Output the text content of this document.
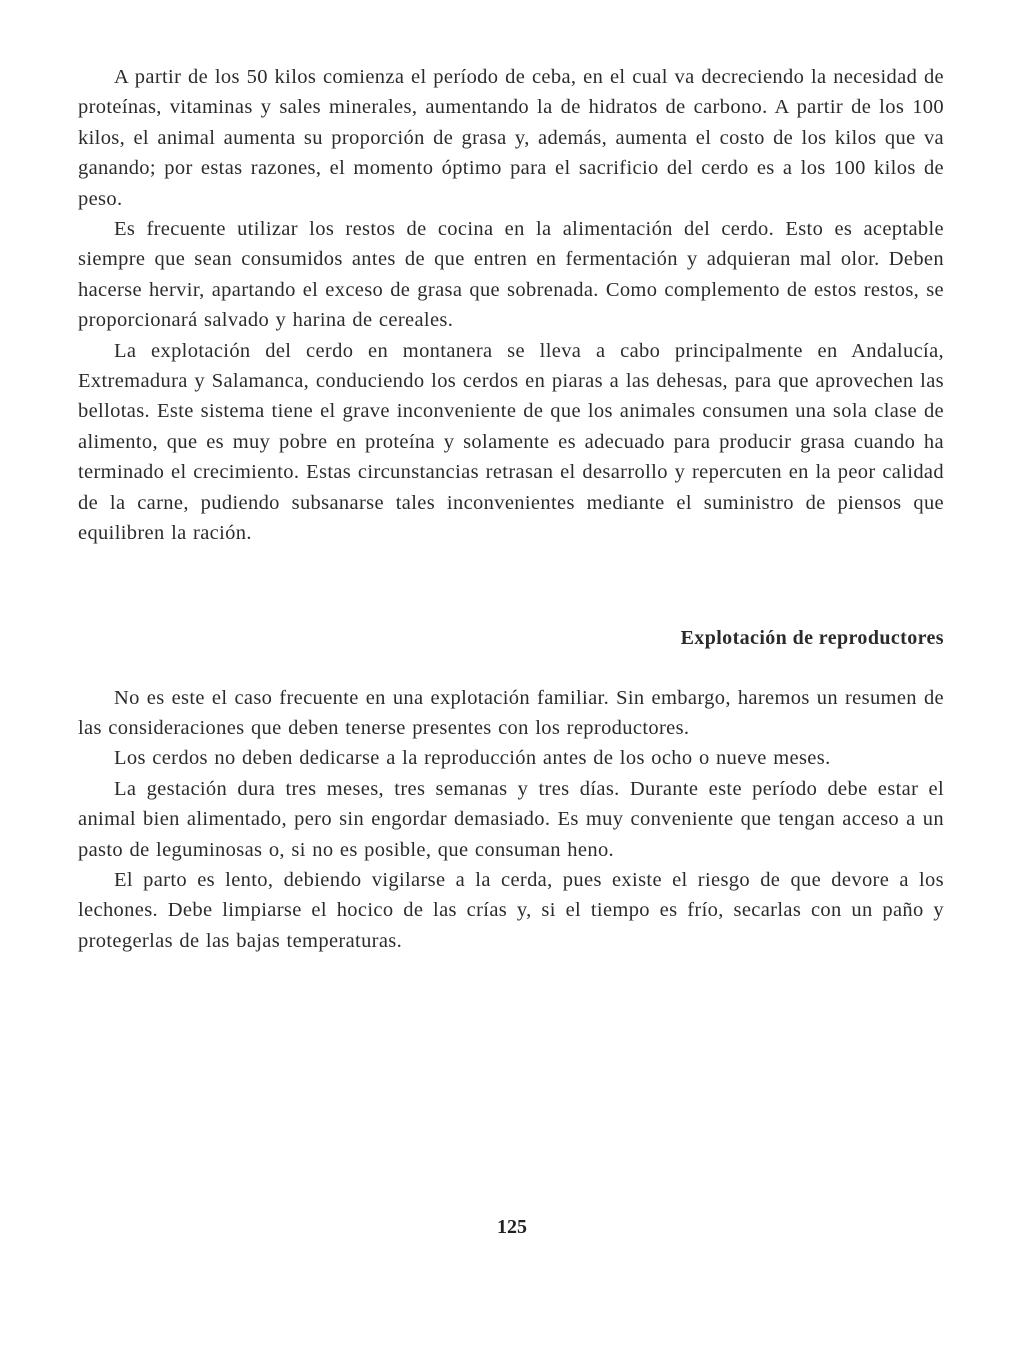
A partir de los 50 kilos comienza el período de ceba, en el cual va decreciendo la necesidad de proteínas, vitaminas y sales minerales, aumentando la de hidratos de carbono. A partir de los 100 kilos, el animal aumenta su proporción de grasa y, además, aumenta el costo de los kilos que va ganando; por estas razones, el momento óptimo para el sacrificio del cerdo es a los 100 kilos de peso.

Es frecuente utilizar los restos de cocina en la alimentación del cerdo. Esto es aceptable siempre que sean consumidos antes de que entren en fermentación y adquieran mal olor. Deben hacerse hervir, apartando el exceso de grasa que sobrenada. Como complemento de estos restos, se proporcionará salvado y harina de cereales.

La explotación del cerdo en montanera se lleva a cabo principalmente en Andalucía, Extremadura y Salamanca, conduciendo los cerdos en piaras a las dehesas, para que aprovechen las bellotas. Este sistema tiene el grave inconveniente de que los animales consumen una sola clase de alimento, que es muy pobre en proteína y solamente es adecuado para producir grasa cuando ha terminado el crecimiento. Estas circunstancias retrasan el desarrollo y repercuten en la peor calidad de la carne, pudiendo subsanarse tales inconvenientes mediante el suministro de piensos que equilibren la ración.

Explotación de reproductores

No es este el caso frecuente en una explotación familiar. Sin embargo, haremos un resumen de las consideraciones que deben tenerse presentes con los reproductores.

Los cerdos no deben dedicarse a la reproducción antes de los ocho o nueve meses.

La gestación dura tres meses, tres semanas y tres días. Durante este período debe estar el animal bien alimentado, pero sin engordar demasiado. Es muy conveniente que tengan acceso a un pasto de leguminosas o, si no es posible, que consuman heno.

El parto es lento, debiendo vigilarse a la cerda, pues existe el riesgo de que devore a los lechones. Debe limpiarse el hocico de las crías y, si el tiempo es frío, secarlas con un paño y protegerlas de las bajas temperaturas.

125
